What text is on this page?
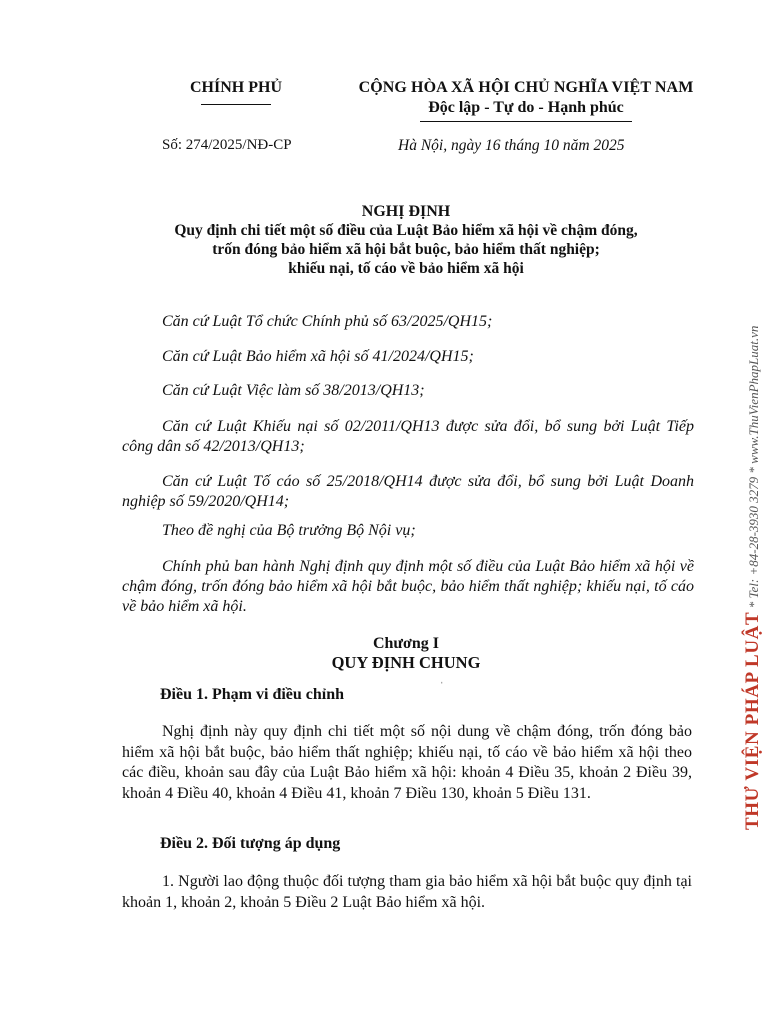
CHÍNH PHỦ	CỘNG HÒA XÃ HỘI CHỦ NGHĨA VIỆT NAM
Độc lập - Tự do - Hạnh phúc
Số: 274/2025/NĐ-CP	Hà Nội, ngày 16 tháng 10 năm 2025
NGHỊ ĐỊNH
Quy định chi tiết một số điều của Luật Bảo hiểm xã hội về chậm đóng,
trốn đóng bảo hiểm xã hội bắt buộc, bảo hiểm thất nghiệp;
khiếu nại, tố cáo về bảo hiểm xã hội
Căn cứ Luật Tổ chức Chính phủ số 63/2025/QH15;
Căn cứ Luật Bảo hiểm xã hội số 41/2024/QH15;
Căn cứ Luật Việc làm số 38/2013/QH13;
Căn cứ Luật Khiếu nại số 02/2011/QH13 được sửa đổi, bổ sung bởi Luật Tiếp công dân số 42/2013/QH13;
Căn cứ Luật Tố cáo số 25/2018/QH14 được sửa đổi, bổ sung bởi Luật Doanh nghiệp số 59/2020/QH14;
Theo đề nghị của Bộ trưởng Bộ Nội vụ;
Chính phủ ban hành Nghị định quy định một số điều của Luật Bảo hiểm xã hội về chậm đóng, trốn đóng bảo hiểm xã hội bắt buộc, bảo hiểm thất nghiệp; khiếu nại, tố cáo về bảo hiểm xã hội.
Chương I
QUY ĐỊNH CHUNG
Điều 1. Phạm vi điều chỉnh
Nghị định này quy định chi tiết một số nội dung về chậm đóng, trốn đóng bảo hiểm xã hội bắt buộc, bảo hiểm thất nghiệp; khiếu nại, tố cáo về bảo hiểm xã hội theo các điều, khoản sau đây của Luật Bảo hiểm xã hội: khoản 4 Điều 35, khoản 2 Điều 39, khoản 4 Điều 40, khoản 4 Điều 41, khoản 7 Điều 130, khoản 5 Điều 131.
Điều 2. Đối tượng áp dụng
1. Người lao động thuộc đối tượng tham gia bảo hiểm xã hội bắt buộc quy định tại khoản 1, khoản 2, khoản 5 Điều 2 Luật Bảo hiểm xã hội.
ˈ	THƯ VIỆN PHÁP LUẬT * Tel: +84-28-3930 3279 * www.ThuVienPhapLuat.vn
